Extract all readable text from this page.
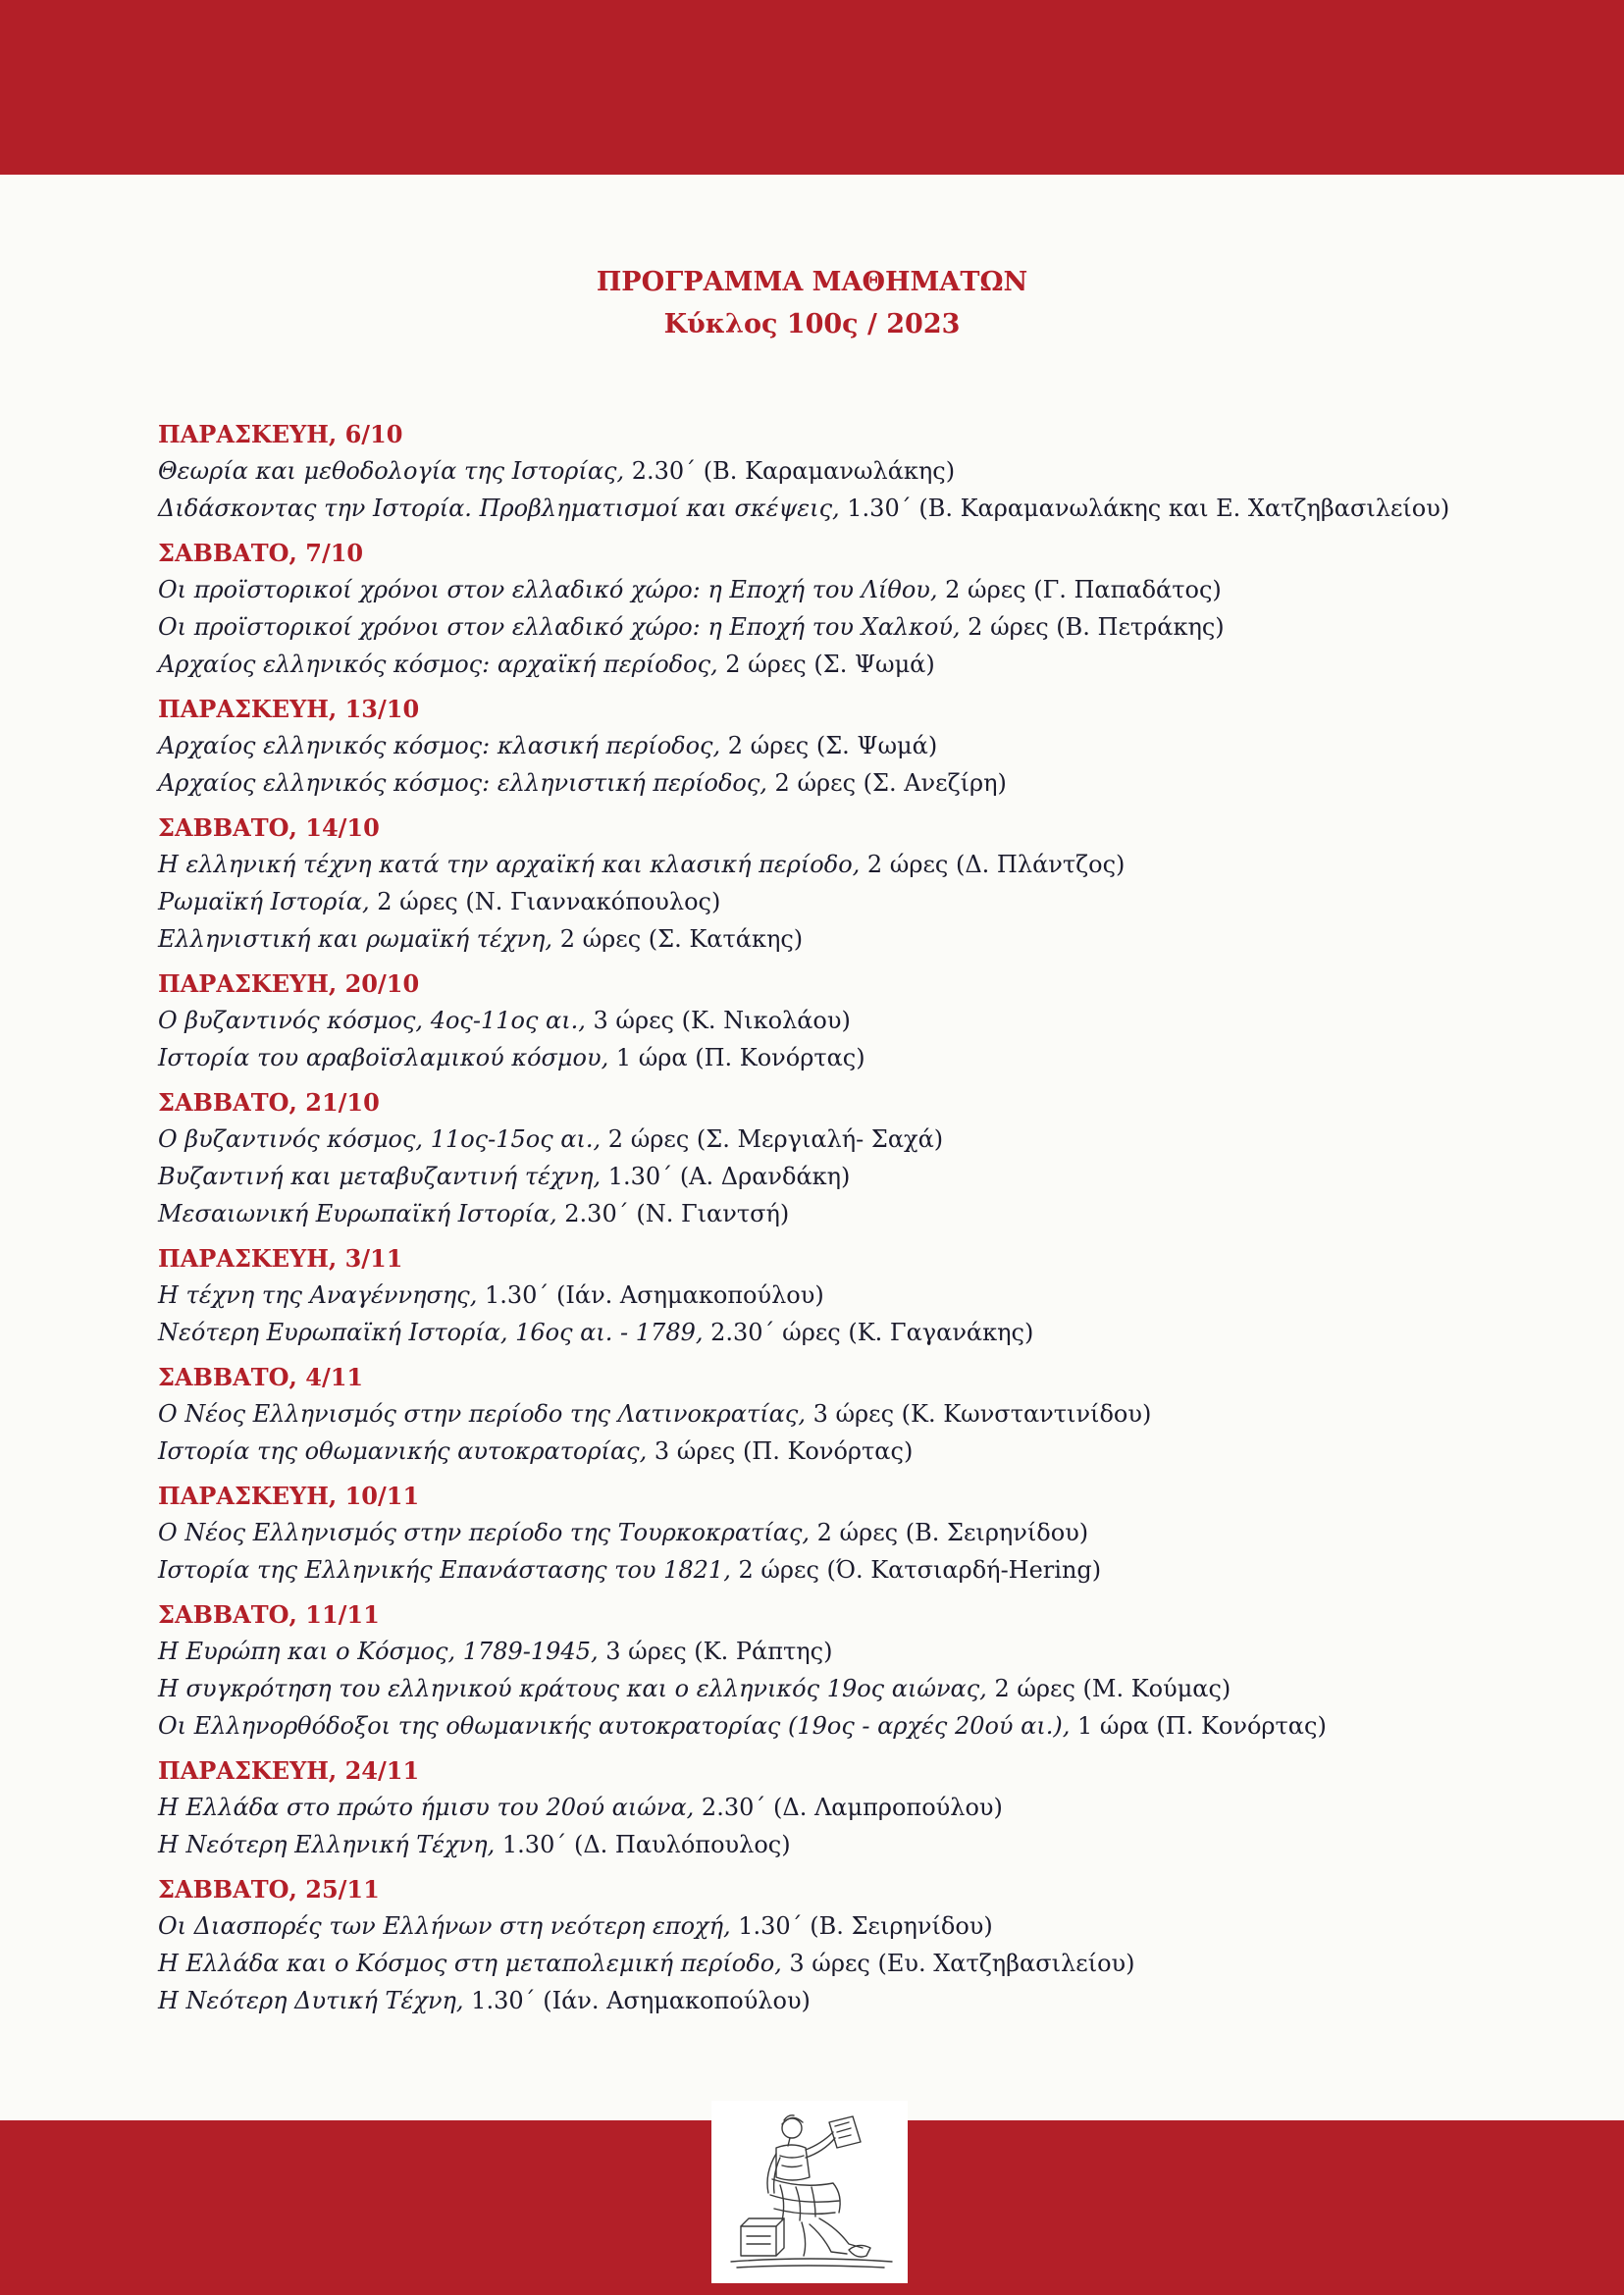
ΠΡΟΓΡΑΜΜΑ ΜΑΘΗΜΑΤΩΝ
Κύκλος 100ς / 2023
ΠΑΡΑΣΚΕΥΗ, 6/10
Θεωρία και μεθοδολογία της Ιστορίας, 2.30΄ (Β. Καραμανωλάκης)
Διδάσκοντας την Ιστορία. Προβληματισμοί και σκέψεις, 1.30΄ (Β. Καραμανωλάκης και Ε. Χατζηβασιλείου)
ΣΑΒΒΑΤΟ, 7/10
Οι προϊστορικοί χρόνοι στον ελλαδικό χώρο: η Εποχή του Λίθου, 2 ώρες (Γ. Παπαδάτος)
Οι προϊστορικοί χρόνοι στον ελλαδικό χώρο: η Εποχή του Χαλκού, 2 ώρες (Β. Πετράκης)
Αρχαίος ελληνικός κόσμος: αρχαϊκή περίοδος, 2 ώρες (Σ. Ψωμά)
ΠΑΡΑΣΚΕΥΗ, 13/10
Αρχαίος ελληνικός κόσμος: κλασική περίοδος, 2 ώρες (Σ. Ψωμά)
Αρχαίος ελληνικός κόσμος: ελληνιστική περίοδος, 2 ώρες (Σ. Ανεζίρη)
ΣΑΒΒΑΤΟ, 14/10
Η ελληνική τέχνη κατά την αρχαϊκή και κλασική περίοδο, 2 ώρες (Δ. Πλάντζος)
Ρωμαϊκή Ιστορία, 2 ώρες (Ν. Γιαννακόπουλος)
Ελληνιστική και ρωμαϊκή τέχνη, 2 ώρες (Σ. Κατάκης)
ΠΑΡΑΣΚΕΥΗ, 20/10
Ο βυζαντινός κόσμος, 4ος-11ος αι., 3 ώρες (Κ. Νικολάου)
Ιστορία του αραβοϊσλαμικού κόσμου, 1 ώρα (Π. Κονόρτας)
ΣΑΒΒΑΤΟ, 21/10
Ο βυζαντινός κόσμος, 11ος-15ος αι., 2 ώρες (Σ. Μεργιαλή- Σαχά)
Βυζαντινή και μεταβυζαντινή τέχνη, 1.30΄ (Α. Δρανδάκη)
Μεσαιωνική Ευρωπαϊκή Ιστορία, 2.30΄ (Ν. Γιαντσή)
ΠΑΡΑΣΚΕΥΗ, 3/11
Η τέχνη της Αναγέννησης, 1.30΄ (Ιάν. Ασημακοπούλου)
Νεότερη Ευρωπαϊκή Ιστορία, 16ος αι. - 1789, 2.30΄ ώρες (Κ. Γαγανάκης)
ΣΑΒΒΑΤΟ, 4/11
Ο Νέος Ελληνισμός στην περίοδο της Λατινοκρατίας, 3 ώρες (Κ. Κωνσταντινίδου)
Ιστορία της οθωμανικής αυτοκρατορίας, 3 ώρες (Π. Κονόρτας)
ΠΑΡΑΣΚΕΥΗ, 10/11
Ο Νέος Ελληνισμός στην περίοδο της Τουρκοκρατίας, 2 ώρες (Β. Σειρηνίδου)
Ιστορία της Ελληνικής Επανάστασης του 1821, 2 ώρες (Ό. Κατσιαρδή-Hering)
ΣΑΒΒΑΤΟ, 11/11
Η Ευρώπη και ο Κόσμος, 1789-1945, 3 ώρες (Κ. Ράπτης)
Η συγκρότηση του ελληνικού κράτους και ο ελληνικός 19ος αιώνας, 2 ώρες (Μ. Κούμας)
Οι Ελληνορθόδοξοι της οθωμανικής αυτοκρατορίας (19ος - αρχές 20ού αι.), 1 ώρα (Π. Κονόρτας)
ΠΑΡΑΣΚΕΥΗ, 24/11
Η Ελλάδα στο πρώτο ήμισυ του 20ού αιώνα, 2.30΄ (Δ. Λαμπροπούλου)
Η Νεότερη Ελληνική Τέχνη, 1.30΄ (Δ. Παυλόπουλος)
ΣΑΒΒΑΤΟ, 25/11
Οι Διασπορές των Ελλήνων στη νεότερη εποχή, 1.30΄ (Β. Σειρηνίδου)
Η Ελλάδα και ο Κόσμος στη μεταπολεμική περίοδο, 3 ώρες (Ευ. Χατζηβασιλείου)
Η Νεότερη Δυτική Τέχνη, 1.30΄ (Ιάν. Ασημακοπούλου)
